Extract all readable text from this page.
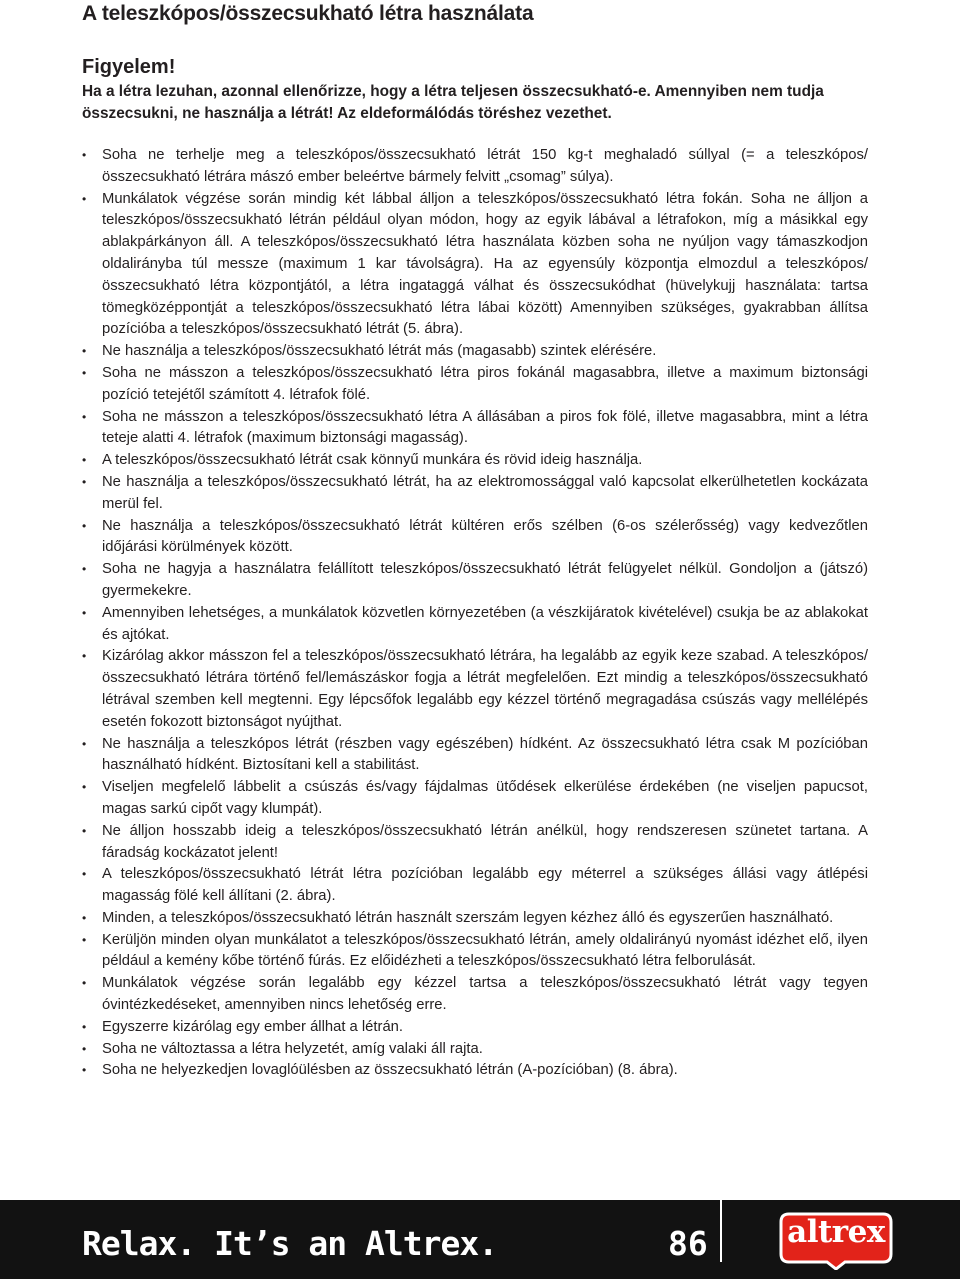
A teleszkópos/összecsukható létra használata
Figyelem!

Ha a létra lezuhan, azonnal ellenőrizze, hogy a létra teljesen összecsukható-e. Amennyiben nem tudja összecsukni, ne használja a létrát! Az eldeformálódás töréshez vezethet.

• Soha ne terhelje meg a teleszkópos/összecsukható létrát 150 kg-t meghaladó súllyal (= a teleszkópos/ összecsukható létrára mászó ember beleértve bármely felvitt „csomag” súlya).
• Munkálatok végzése során mindig két lábbal álljon a teleszkópos/összecsukható létra fokán. Soha ne álljon a teleszkópos/összecsukható létrán például olyan módon, hogy az egyik lábával a létrafokon, míg a másikkal egy ablakpárkányon áll. A teleszkópos/összecsukható létra használata közben soha ne nyúljon vagy támaszkodjon oldalirányba túl messze (maximum 1 kar távolságra). Ha az egyensúly központja elmozdul a teleszkópos/összecsukható létra központjától, a létra ingataggá válhat és összecsukódhat (hüvelykujj használata: tartsa tömegközéppontját a teleszkópos/összecsukható létra lábai között) Amennyiben szükséges, gyakrabban állítsa pozícióba a teleszkópos/összecsukható létrát (5. ábra).
• Ne használja a teleszkópos/összecsukható létrát más (magasabb) szintek elérésére.
• Soha ne másszon a teleszkópos/összecsukható létra piros fokánál magasabbra, illetve a maximum biztonsági pozíció tetejétől számított 4. létrafok fölé.
• Soha ne másszon a teleszkópos/összecsukható létra A állásában a piros fok fölé, illetve magasabbra, mint a létra teteje alatti 4. létrafok (maximum biztonsági magasság).
• A teleszkópos/összecsukható létrát csak könnyű munkára és rövid ideig használja.
• Ne használja a teleszkópos/összecsukható létrát, ha az elektromossággal való kapcsolat elkerülhetetlen kockázata merül fel.
• Ne használja a teleszkópos/összecsukható létrát kültéren erős szélben (6-os szélerősség) vagy kedvezőtlen időjárási körülmények között.
• Soha ne hagyja a használatra felállított teleszkópos/összecsukható létrát felügyelet nélkül. Gondoljon a (játszó) gyermekekre.
• Amennyiben lehetséges, a munkálatok közvetlen környezetében (a vészkijáratok kivételével) csukja be az ablakokat és ajtókat.
• Kizárólag akkor másszon fel a teleszkópos/összecsukható létrára, ha legalább az egyik keze szabad. A teleszkópos/összecsukható létrára történő fel/lemászáskor fogja a létrát megfelelően. Ezt mindig a teleszkópos/összecsukható létrával szemben kell megtenni. Egy lépcsőfok legalább egy kézzel történő megragadása csúszás vagy mellélépés esetén fokozott biztonságot nyújthat.
• Ne használja a teleszkópos létrát (részben vagy egészében) hídként. Az összecsukható létra csak M pozícióban használható hídként. Biztosítani kell a stabilitást.
• Viseljen megfelelő lábbelit a csúszás és/vagy fájdalmas ütődések elkerülése érdekében (ne viseljen papucsot, magas sarkú cipőt vagy klumpát).
• Ne álljon hosszabb ideig a teleszkópos/összecsukható létrán anélkül, hogy rendszeresen szünetet tartana. A fáradság kockázatot jelent!
• A teleszkópos/összecsukható létrát létra pozícióban legalább egy méterrel a szükséges állási vagy átlépési magasság fölé kell állítani (2. ábra).
• Minden, a teleszkópos/összecsukható létrán használt szerszám legyen kézhez álló és egyszerűen használható.
• Kerüljön minden olyan munkálatot a teleszkópos/összecsukható létrán, amely oldalirányú nyomást idézhet elő, ilyen például a kemény kőbe történő fúrás. Ez előidézheti a teleszkópos/összecsukható létra felborulását.
• Munkálatok végzése során legalább egy kézzel tartsa a teleszkópos/összecsukható létrát vagy tegyen óvintézkedéseket, amennyiben nincs lehetőség erre.
• Egyszerre kizárólag egy ember állhat a létrán.
• Soha ne változtassa a létra helyzetét, amíg valaki áll rajta.
• Soha ne helyezkedjen lovaglóülésben az összecsukható létrán (A-pozícióban) (8. ábra).
Relax. It’s an Altrex.	86	altrex
